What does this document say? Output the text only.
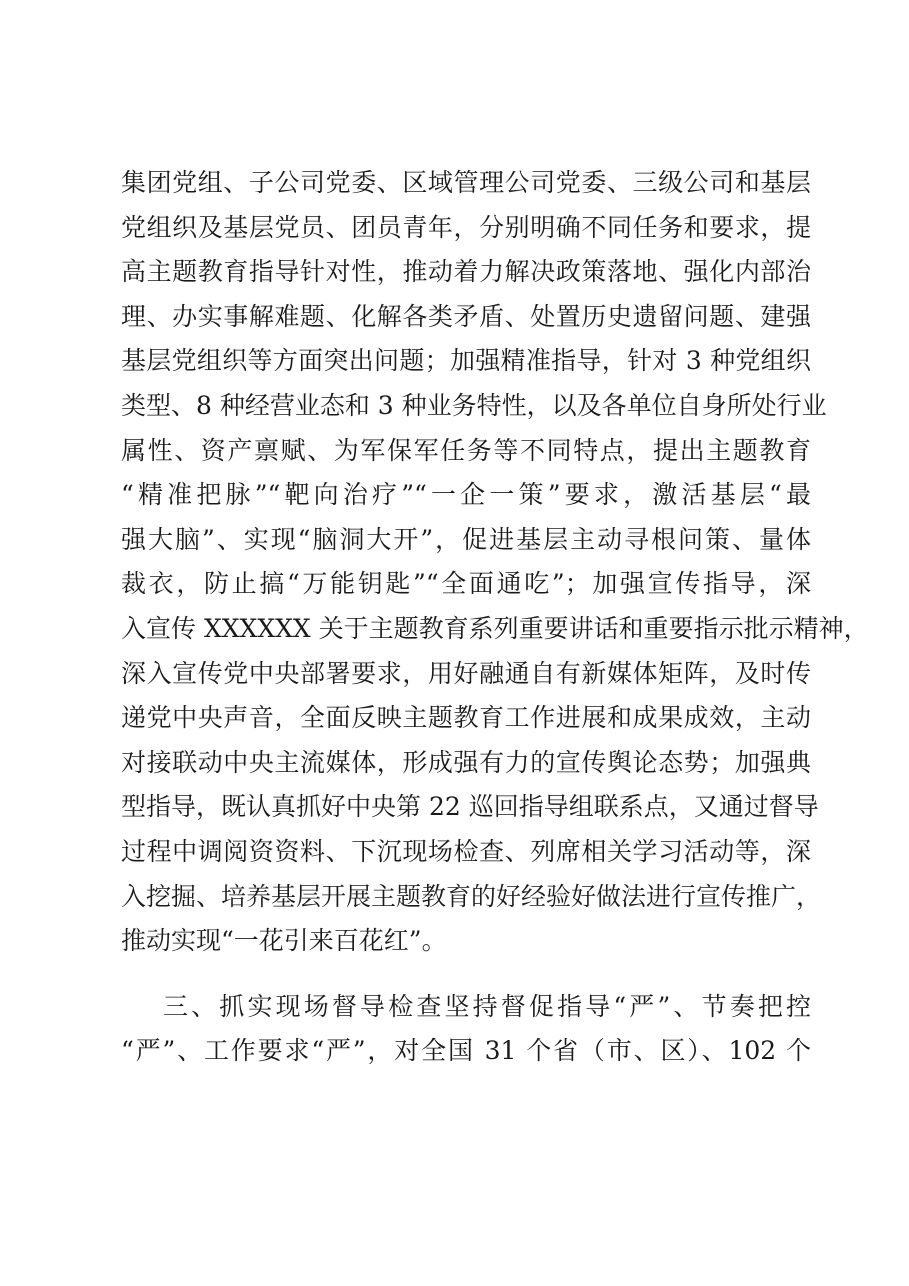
集团党组、子公司党委、区域管理公司党委、三级公司和基层
党组织及基层党员、团员青年，分别明确不同任务和要求，提
高主题教育指导针对性，推动着力解决政策落地、强化内部治
理、办实事解难题、化解各类矛盾、处置历史遗留问题、建强
基层党组织等方面突出问题；加强精准指导，针对 3 种党组织
类型、8 种经营业态和 3 种业务特性，以及各单位自身所处行业
属性、资产禀赋、为军保军任务等不同特点，提出主题教育
“精准把脉”“靶向治疗”“一企一策”要求，激活基层“最
强大脑”、实现“脑洞大开”，促进基层主动寻根问策、量体
裁衣，防止搞“万能钥匙”“全面通吃”；加强宣传指导，深
入宣传 XXXXXX 关于主题教育系列重要讲话和重要指示批示精神，
深入宣传党中央部署要求，用好融通自有新媒体矩阵，及时传
递党中央声音，全面反映主题教育工作进展和成果成效，主动
对接联动中央主流媒体，形成强有力的宣传舆论态势；加强典
型指导，既认真抓好中央第 22 巡回指导组联系点，又通过督导
过程中调阅资资料、下沉现场检查、列席相关学习活动等，深
入挖掘、培养基层开展主题教育的好经验好做法进行宣传推广，
推动实现“一花引来百花红”。
三、抓实现场督导检查坚持督促指导“严”、节奏把控
“严”、工作要求“严”，对全国 31 个省（市、区）、102 个
